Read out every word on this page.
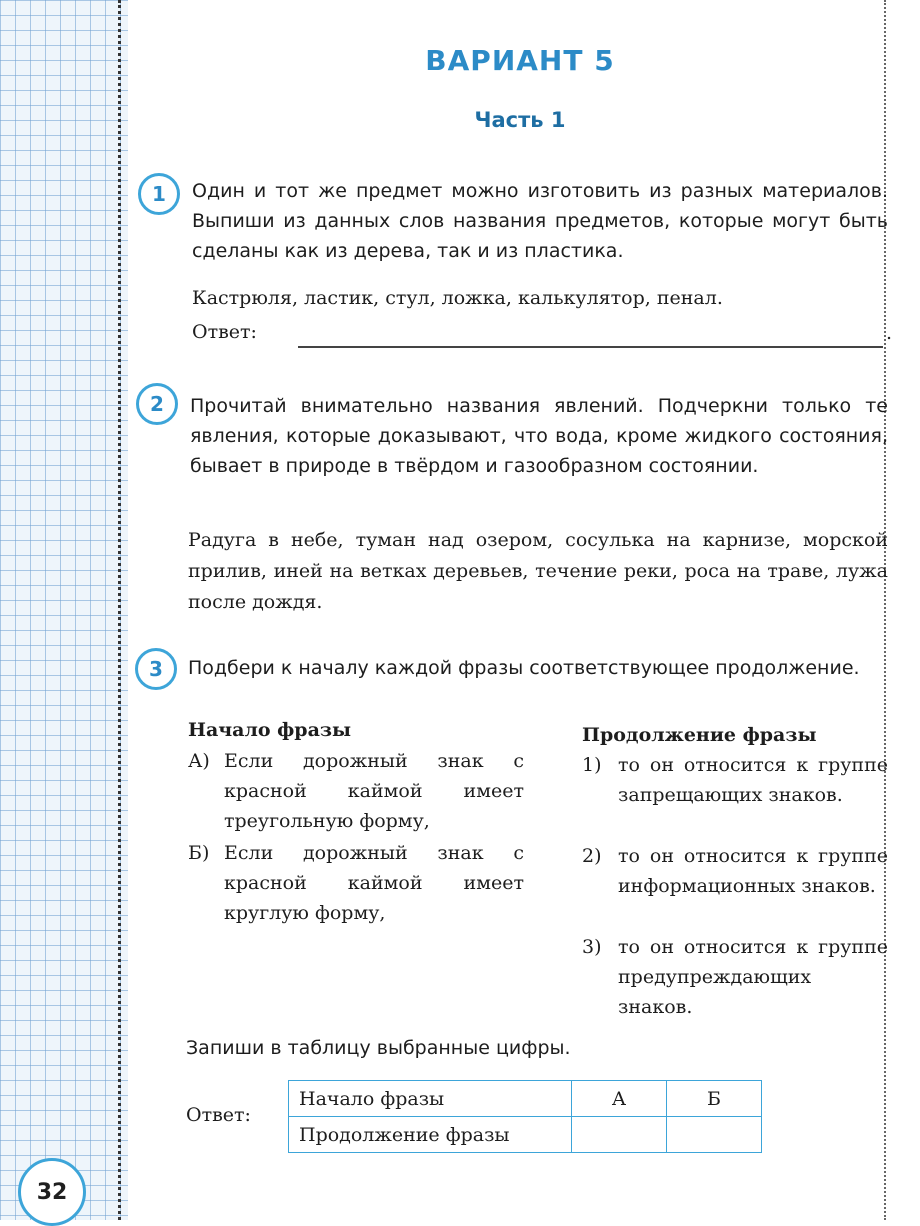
32
ВАРИАНТ 5
Часть 1
1	Один и тот же предмет можно изготовить из разных материалов. Выпиши из данных слов названия предметов, которые могут быть сделаны как из дерева, так и из пластика.
Кастрюля, ластик, стул, ложка, калькулятор, пенал.
Ответ:	.
2	Прочитай внимательно названия явлений. Подчеркни только те явления, которые доказывают, что вода, кроме жидкого состояния, бывает в природе в твёрдом и газообразном состоянии.
Радуга в небе, туман над озером, сосулька на карнизе, морской прилив, иней на ветках деревьев, течение реки, роса на траве, лужа после дождя.
3	Подбери к началу каждой фразы соответствующее продолжение.
Начало фразы	Продолжение фразы
А) Если дорожный знак с красной каймой имеет треугольную форму,
Б) Если дорожный знак с красной каймой имеет круглую форму,
1) то он относится к группе запрещающих знаков.
2) то он относится к группе информационных знаков.
3) то он относится к группе предупреждающих знаков.
Запиши в таблицу выбранные цифры.
Ответ:
Начало фразы	А	Б
Продолжение фразы		
